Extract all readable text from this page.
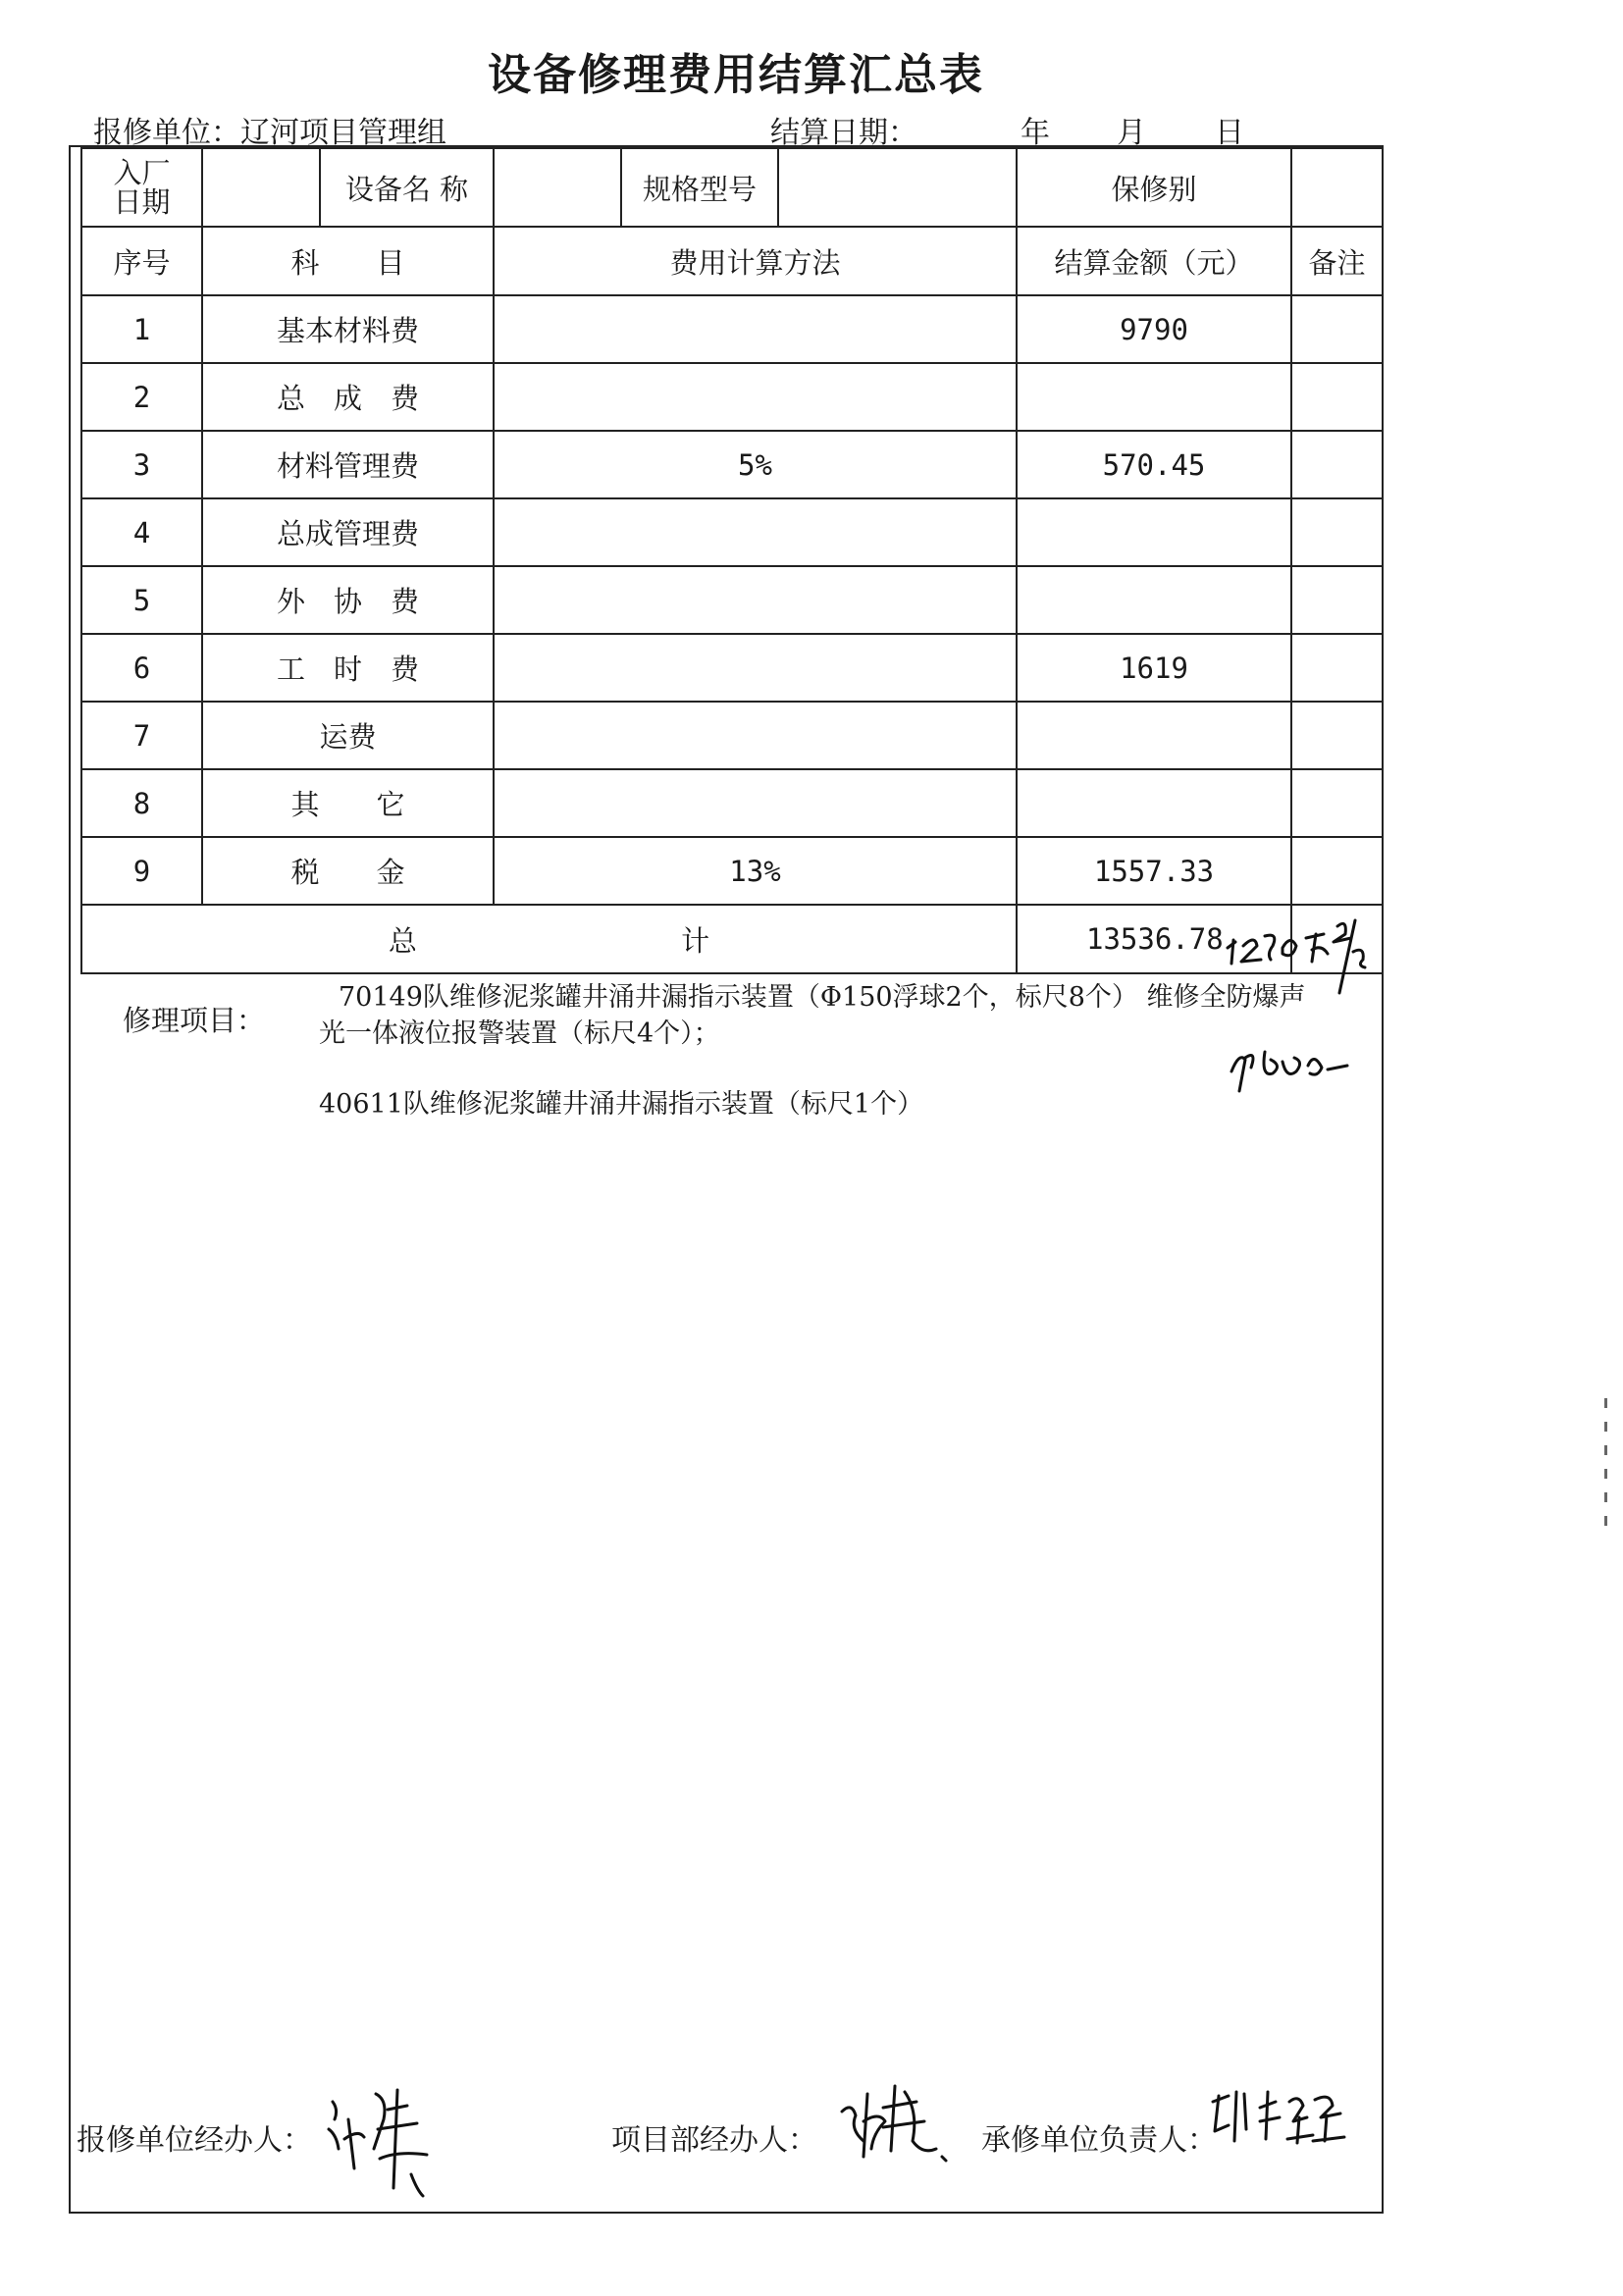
设备修理费用结算汇总表
报修单位： 辽河项目管理组	结算日期：	年 月 日
入厂日期		设备名 称		规格型号		保修别	
序号	科　　目		费用计算方法			结算金额（元）	备注
1	基本材料费					9790	
2	总　成　费						
3	材料管理费		5%			570.45	
4	总成管理费						
5	外　协　费						
6	工　时　费					1619	
7	运费						
8	其　　它						
9	税　　金		13%			1557.33	
总 计						13536.78	
修理项目：
70149队维修泥浆罐井涌井漏指示装置（Φ150浮球2个，标尺8个） 维修全防爆声
光一体液位报警装置（标尺4个）；
40611队维修泥浆罐井涌井漏指示装置（标尺1个）
报修单位经办人：	项目部经办人：	承修单位负责人：
